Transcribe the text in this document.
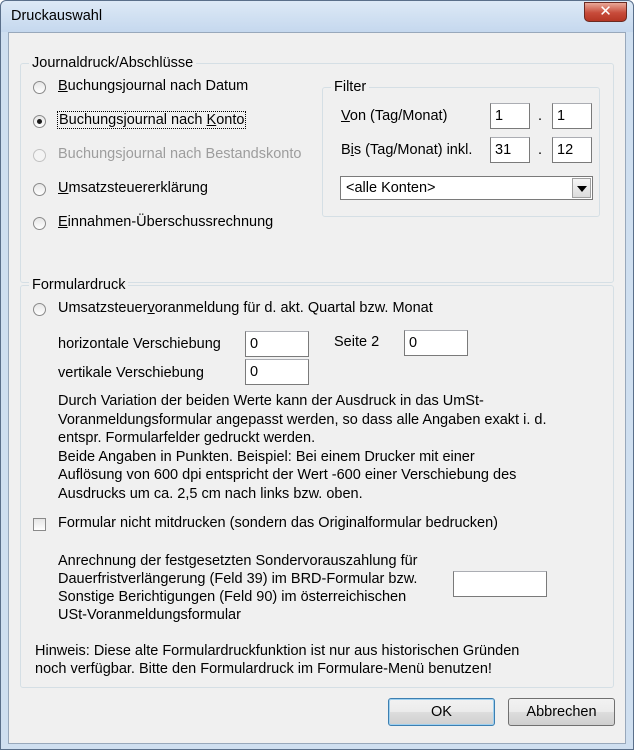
Druckauswahl	✕
Journaldruck/Abschlüsse
Buchungsjournal nach Datum
Buchungsjournal nach Konto
Buchungsjournal nach Bestandskonto
Umsatzsteuererklärung
Einnahmen-Überschussrechnung
Filter
Von (Tag/Monat)	1	.	1
Bis (Tag/Monat) inkl.	31	.	12
<alle Konten>
Formulardruck
Umsatzsteuervoranmeldung für d. akt. Quartal bzw. Monat
horizontale Verschiebung	0	Seite 2	0
vertikale Verschiebung	0
Durch Variation der beiden Werte kann der Ausdruck in das UmSt-
Voranmeldungsformular angepasst werden, so dass alle Angaben exakt i. d.
entspr. Formularfelder gedruckt werden.
Beide Angaben in Punkten. Beispiel: Bei einem Drucker mit einer
Auflösung von 600 dpi entspricht der Wert -600 einer Verschiebung des
Ausdrucks um ca. 2,5 cm nach links bzw. oben.
Formular nicht mitdrucken (sondern das Originalformular bedrucken)
Anrechnung der festgesetzten Sondervorauszahlung für
Dauerfristverlängerung (Feld 39) im BRD-Formular bzw.
Sonstige Berichtigungen (Feld 90) im österreichischen
USt-Voranmeldungsformular
Hinweis: Diese alte Formulardruckfunktion ist nur aus historischen Gründen
noch verfügbar. Bitte den Formulardruck im Formulare-Menü benutzen!
OK	Abbrechen
